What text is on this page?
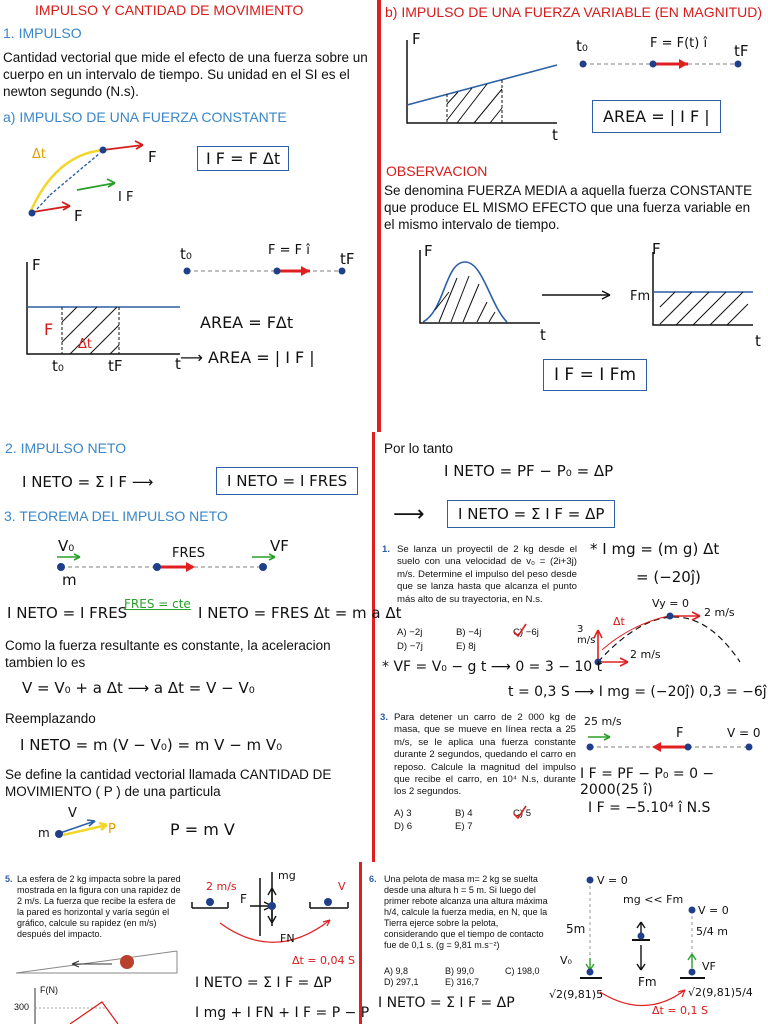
IMPULSO Y CANTIDAD DE MOVIMIENTO
1. IMPULSO
Cantidad vectorial que mide el efecto de una fuerza sobre un cuerpo en un intervalo de tiempo. Su unidad en el SI es el newton segundo (N.s).
a) IMPULSO DE UNA FUERZA CONSTANTE
Δt	F
I F
F
I F = F Δt
F
F
Δt
t₀	tF	t
t₀	F = F î tF
AREA = FΔt
⟶ AREA = | I F |
b) IMPULSO DE UNA FUERZA VARIABLE (EN MAGNITUD)
F
t
t₀	F = F(t) î tF
AREA = | I F |
OBSERVACION
Se denomina FUERZA MEDIA a aquella fuerza CONSTANTE que produce EL MISMO EFECTO que una fuerza variable en el mismo intervalo de tiempo.
F
t
F
Fm
t
I F = I Fm
2. IMPULSO NETO
I NETO = Σ I F ⟶	I NETO = I FRES
3. TEOREMA DEL IMPULSO NETO
V₀	VF
m
FRES
I NETO = I FRES
FRES = cte I NETO = FRES Δt = m a Δt
Como la fuerza resultante es constante, la aceleracion tambien lo es
V = V₀ + a Δt ⟶ a Δt = V − V₀
Reemplazando
I NETO = m (V − V₀) = m V − m V₀
Se define la cantidad vectorial llamada CANTIDAD DE MOVIMIENTO ( P ) de una particula
V
P
m	P = m V
Por lo tanto
I NETO = PF − P₀ = ΔP
⟶	I NETO = Σ I F = ΔP
1. Se lanza un proyectil de 2 kg desde el suelo con una velocidad de v₀ = (2i+3j) m/s. Determine el impulso del peso desde que se lanza hasta que alcanza el punto más alto de su trayectoria, en N.s.
A) −2j	B) −4j	C) −6j
D) −7j	E) 8j
* I mg = (m g) Δt
= (−20ĵ)
Vy = 0
2 m/s
3 m/s
Δt
2 m/s
* VF = V₀ − g t ⟶ 0 = 3 − 10 t
t = 0,3 S ⟶ I mg = (−20ĵ) 0,3 = −6ĵ
3. Para detener un carro de 2 000 kg de masa, que se mueve en línea recta a 25 m/s, se le aplica una fuerza constante durante 2 segundos, quedando el carro en reposo. Calcule la magnitud del impulso que recibe el carro, en 10⁴ N.s, durante los 2 segundos.
A) 3	B) 4	C) 5
D) 6	E) 7
25 m/s
F	V = 0
I F = PF − P₀ = 0 − 2000(25 î)
I F = −5.10⁴ î N.S
5. La esfera de 2 kg impacta sobre la pared mostrada en la figura con una rapidez de 2 m/s. La fuerza que recibe la esfera de la pared es horizontal y varía según el gráfico, calcule su rapidez (en m/s) después del impacto.
F(N)
300
2 m/s
mg
F
FN
V
Δt = 0,04 S
I NETO = Σ I F = ΔP
I mg + I FN + I F = P − P
6. Una pelota de masa m= 2 kg se suelta desde una altura h = 5 m. Si luego del primer rebote alcanza una altura máxima h/4, calcule la fuerza media, en N, que la Tierra ejerce sobre la pelota, considerando que el tiempo de contacto fue de 0,1 s. (g = 9,81 m.s⁻²)
A) 9,8	B) 99,0	C) 198,0
D) 297,1	E) 316,7
I NETO = Σ I F = ΔP
V = 0
mg << Fm
V = 0
5m	5/4 m
V₀	VF
Fm
√2(9,81)5	√2(9,81)5/4
Δt = 0,1 S
